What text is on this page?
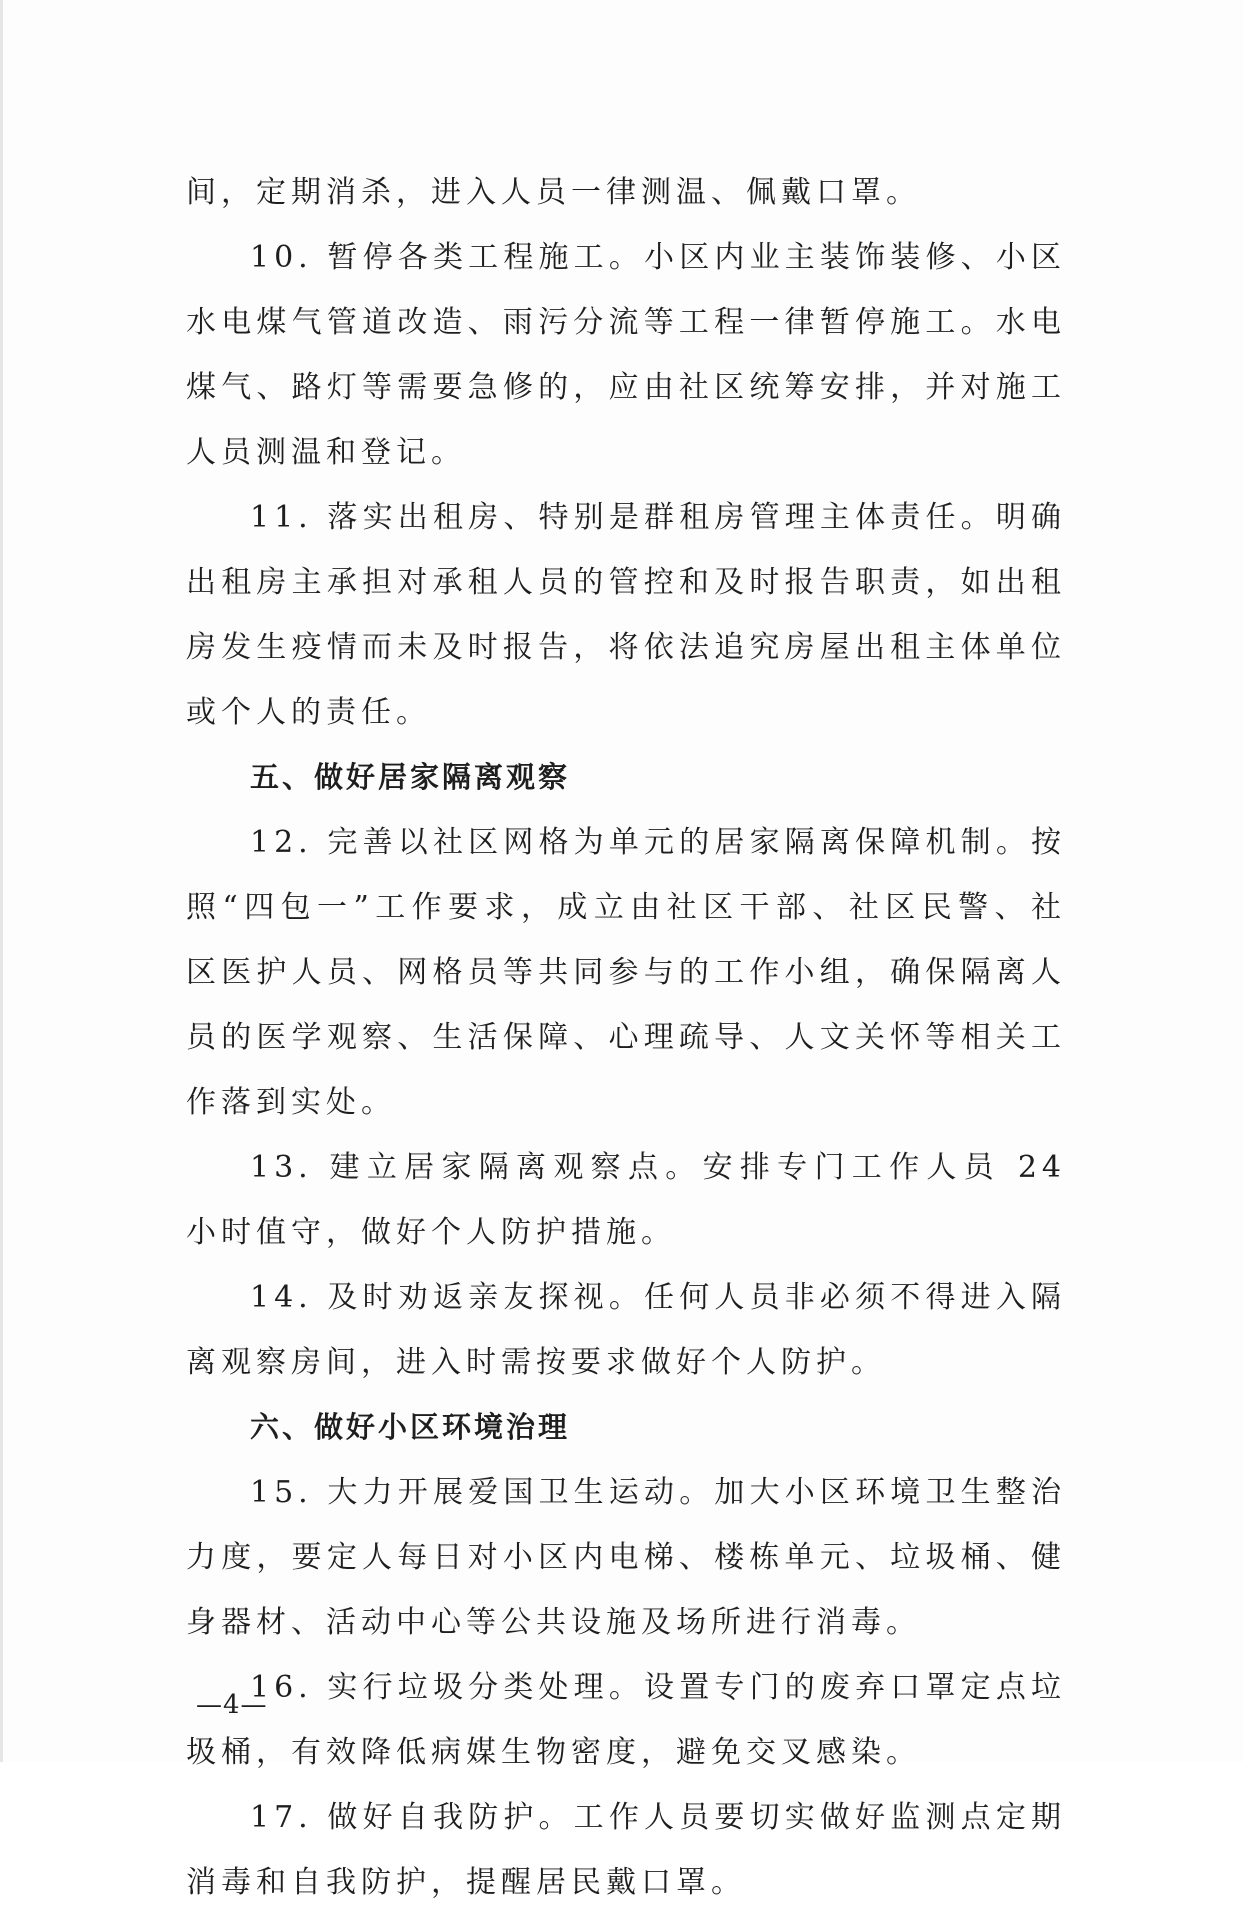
间，定期消杀，进入人员一律测温、佩戴口罩。

10. 暂停各类工程施工。小区内业主装饰装修、小区水电煤气管道改造、雨污分流等工程一律暂停施工。水电煤气、路灯等需要急修的，应由社区统筹安排，并对施工人员测温和登记。

11. 落实出租房、特别是群租房管理主体责任。明确出租房主承担对承租人员的管控和及时报告职责，如出租房发生疫情而未及时报告，将依法追究房屋出租主体单位或个人的责任。

五、做好居家隔离观察

12. 完善以社区网格为单元的居家隔离保障机制。按照“四包一”工作要求，成立由社区干部、社区民警、社区医护人员、网格员等共同参与的工作小组，确保隔离人员的医学观察、生活保障、心理疏导、人文关怀等相关工作落到实处。

13. 建立居家隔离观察点。安排专门工作人员 24 小时值守，做好个人防护措施。

14. 及时劝返亲友探视。任何人员非必须不得进入隔离观察房间，进入时需按要求做好个人防护。

六、做好小区环境治理

15. 大力开展爱国卫生运动。加大小区环境卫生整治力度，要定人每日对小区内电梯、楼栋单元、垃圾桶、健身器材、活动中心等公共设施及场所进行消毒。

16. 实行垃圾分类处理。设置专门的废弃口罩定点垃圾桶，有效降低病媒生物密度，避免交叉感染。

17. 做好自我防护。工作人员要切实做好监测点定期消毒和自我防护，提醒居民戴口罩。

—4—
